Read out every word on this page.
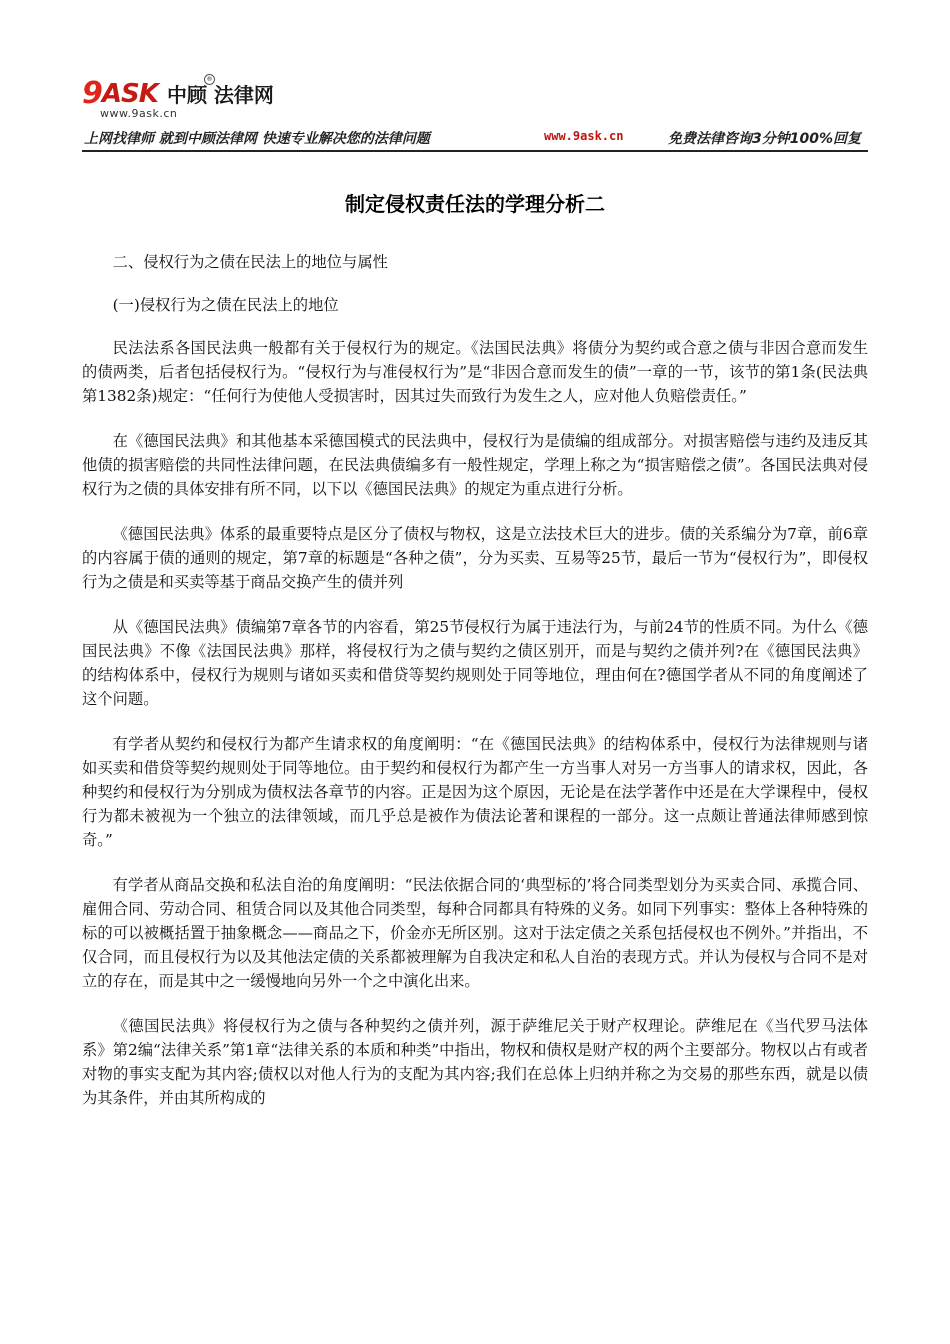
9ASK 中顾 法律网
®
www.9ask.cn
上网找律师 就到中顾法律网 快速专业解决您的法律问题	www.9ask.cn	免费法律咨询3分钟100%回复
制定侵权责任法的学理分析二

二、侵权行为之债在民法上的地位与属性

(一)侵权行为之债在民法上的地位

民法法系各国民法典一般都有关于侵权行为的规定。《法国民法典》将债分为契约或合意之债与非因合意而发生的债两类，后者包括侵权行为。“侵权行为与准侵权行为”是“非因合意而发生的债”一章的一节，该节的第1条(民法典第1382条)规定：“任何行为使他人受损害时，因其过失而致行为发生之人，应对他人负赔偿责任。”

在《德国民法典》和其他基本采德国模式的民法典中，侵权行为是债编的组成部分。对损害赔偿与违约及违反其他债的损害赔偿的共同性法律问题，在民法典债编多有一般性规定，学理上称之为“损害赔偿之债”。各国民法典对侵权行为之债的具体安排有所不同，以下以《德国民法典》的规定为重点进行分析。

《德国民法典》体系的最重要特点是区分了债权与物权，这是立法技术巨大的进步。债的关系编分为7章，前6章的内容属于债的通则的规定，第7章的标题是“各种之债”，分为买卖、互易等25节，最后一节为“侵权行为”，即侵权行为之债是和买卖等基于商品交换产生的债并列

从《德国民法典》债编第7章各节的内容看，第25节侵权行为属于违法行为，与前24节的性质不同。为什么《德国民法典》不像《法国民法典》那样，将侵权行为之债与契约之债区别开，而是与契约之债并列?在《德国民法典》的结构体系中，侵权行为规则与诸如买卖和借贷等契约规则处于同等地位，理由何在?德国学者从不同的角度阐述了这个问题。

有学者从契约和侵权行为都产生请求权的角度阐明：“在《德国民法典》的结构体系中，侵权行为法律规则与诸如买卖和借贷等契约规则处于同等地位。由于契约和侵权行为都产生一方当事人对另一方当事人的请求权，因此，各种契约和侵权行为分别成为债权法各章节的内容。正是因为这个原因，无论是在法学著作中还是在大学课程中，侵权行为都未被视为一个独立的法律领域，而几乎总是被作为债法论著和课程的一部分。这一点颇让普通法律师感到惊奇。”

有学者从商品交换和私法自治的角度阐明：“民法依据合同的‘典型标的’将合同类型划分为买卖合同、承揽合同、雇佣合同、劳动合同、租赁合同以及其他合同类型，每种合同都具有特殊的义务。如同下列事实：整体上各种特殊的标的可以被概括置于抽象概念——商品之下，价金亦无所区别。这对于法定债之关系包括侵权也不例外。”并指出，不仅合同，而且侵权行为以及其他法定债的关系都被理解为自我决定和私人自治的表现方式。并认为侵权与合同不是对立的存在，而是其中之一缓慢地向另外一个之中演化出来。

《德国民法典》将侵权行为之债与各种契约之债并列，源于萨维尼关于财产权理论。萨维尼在《当代罗马法体系》第2编“法律关系”第1章“法律关系的本质和种类”中指出，物权和债权是财产权的两个主要部分。物权以占有或者对物的事实支配为其内容;债权以对他人行为的支配为其内容;我们在总体上归纳并称之为交易的那些东西，就是以债为其条件，并由其所构成的
